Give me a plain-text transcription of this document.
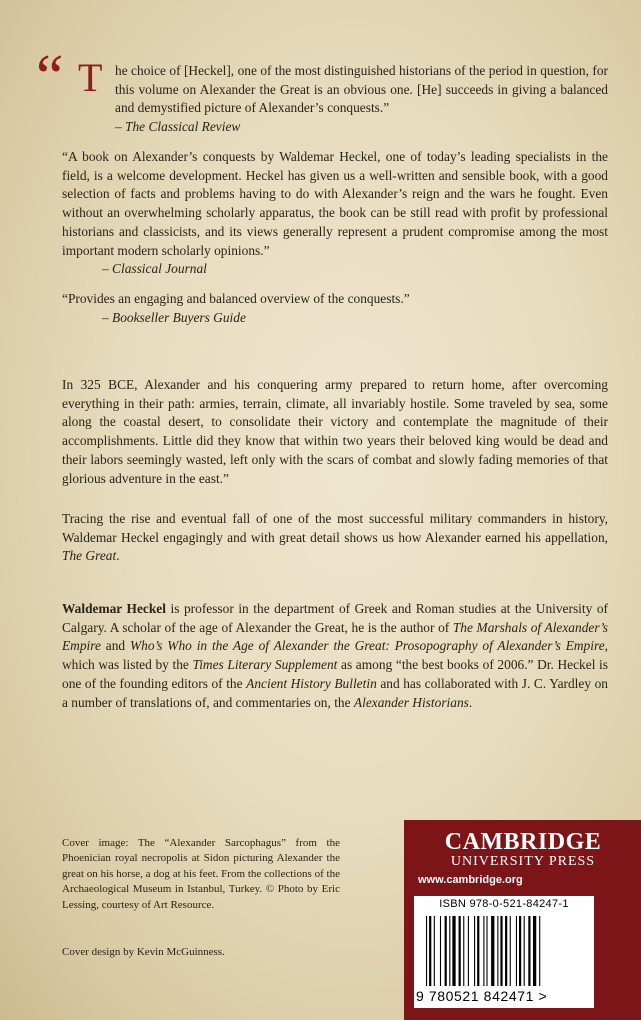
“ T he choice of [Heckel], one of the most distinguished historians of the period in question, for this volume on Alexander the Great is an obvious one. [He] succeeds in giving a balanced and demystified picture of Alexander’s conquests.”
– The Classical Review

“A book on Alexander’s conquests by Waldemar Heckel, one of today’s leading specialists in the field, is a welcome development. Heckel has given us a well-written and sensible book, with a good selection of facts and problems having to do with Alexander’s reign and the wars he fought. Even without an overwhelming scholarly apparatus, the book can be still read with profit by professional historians and classicists, and its views generally represent a prudent compromise among the most important modern scholarly opinions.”
– Classical Journal

“Provides an engaging and balanced overview of the conquests.”
– Bookseller Buyers Guide

In 325 BCE, Alexander and his conquering army prepared to return home, after overcoming everything in their path: armies, terrain, climate, all invariably hostile. Some traveled by sea, some along the coastal desert, to consolidate their victory and contemplate the magnitude of their accomplishments. Little did they know that within two years their beloved king would be dead and their labors seemingly wasted, left only with the scars of combat and slowly fading memories of that glorious adventure in the east.”

Tracing the rise and eventual fall of one of the most successful military commanders in history, Waldemar Heckel engagingly and with great detail shows us how Alexander earned his appellation, The Great.

Waldemar Heckel is professor in the department of Greek and Roman studies at the University of Calgary. A scholar of the age of Alexander the Great, he is the author of The Marshals of Alexander’s Empire and Who’s Who in the Age of Alexander the Great: Prosopography of Alexander’s Empire, which was listed by the Times Literary Supplement as among “the best books of 2006.” Dr. Heckel is one of the founding editors of the Ancient History Bulletin and has collaborated with J. C. Yardley on a number of translations of, and commentaries on, the Alexander Historians.

Cover image: The “Alexander Sarcophagus” from the Phoenician royal necropolis at Sidon picturing Alexander the great on his horse, a dog at his feet. From the collections of the Archaeological Museum in Istanbul, Turkey. © Photo by Eric Lessing, courtesy of Art Resource.
Cover design by Kevin McGuinness.
CAMBRIDGE
UNIVERSITY PRESS
www.cambridge.org
ISBN 978-0-521-84247-1
9 780521 842471 >
